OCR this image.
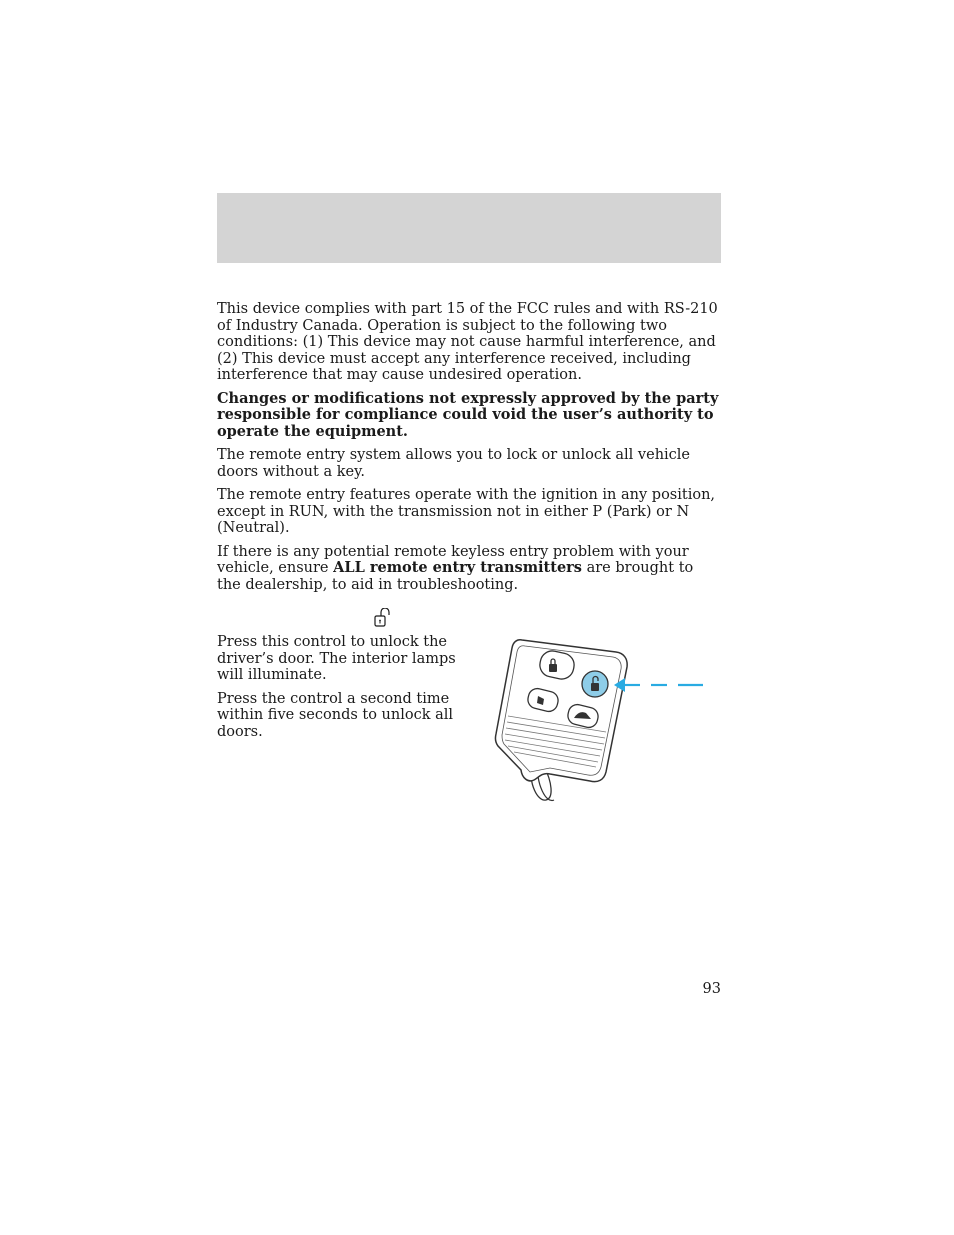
This device complies with part 15 of the FCC rules and with RS-210 of Industry Canada. Operation is subject to the following two conditions: (1) This device may not cause harmful interference, and (2) This device must accept any interference received, including interference that may cause undesired operation.

Changes or modifications not expressly approved by the party responsible for compliance could void the user’s authority to operate the equipment.

The remote entry system allows you to lock or unlock all vehicle doors without a key.

The remote entry features operate with the ignition in any position, except in RUN, with the transmission not in either P (Park) or N (Neutral).

If there is any potential remote keyless entry problem with your vehicle, ensure ALL remote entry transmitters are brought to the dealership, to aid in troubleshooting.

Press this control to unlock the driver’s door. The interior lamps will illuminate.

Press the control a second time within five seconds to unlock all doors.

93
